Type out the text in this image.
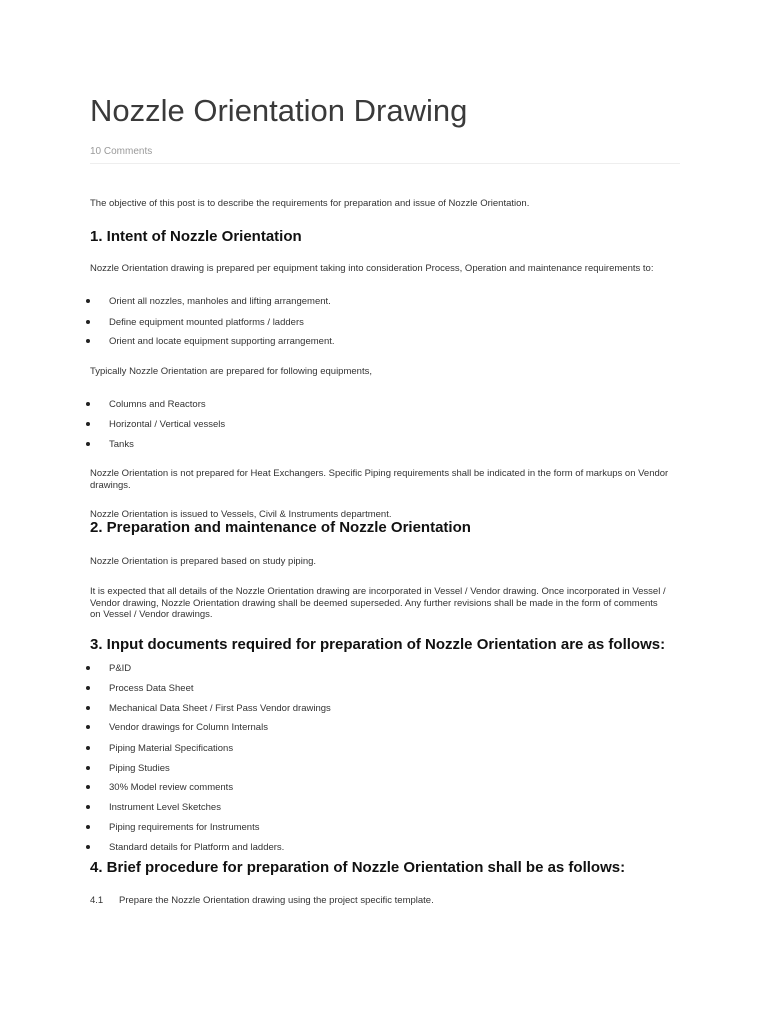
Nozzle Orientation Drawing
10 Comments

The objective of this post is to describe the requirements for preparation and issue of Nozzle Orientation.

1. Intent of Nozzle Orientation

Nozzle Orientation drawing is prepared per equipment taking into consideration Process, Operation and maintenance requirements to:

Orient all nozzles, manholes and lifting arrangement.
Define equipment mounted platforms / ladders
Orient and locate equipment supporting arrangement.

Typically Nozzle Orientation are prepared for following equipments,

Columns and Reactors
Horizontal / Vertical vessels
Tanks

Nozzle Orientation is not prepared for Heat Exchangers. Specific Piping requirements shall be indicated in the form of markups on Vendor drawings.

Nozzle Orientation is issued to Vessels, Civil & Instruments department.

2. Preparation and maintenance of Nozzle Orientation

Nozzle Orientation is prepared based on study piping.

It is expected that all details of the Nozzle Orientation drawing are incorporated in Vessel / Vendor drawing. Once incorporated in Vessel / Vendor drawing, Nozzle Orientation drawing shall be deemed superseded. Any further revisions shall be made in the form of comments on Vessel / Vendor drawings.

3. Input documents required for preparation of Nozzle Orientation are as follows:
P&ID
Process Data Sheet
Mechanical Data Sheet / First Pass Vendor drawings
Vendor drawings for Column Internals
Piping Material Specifications
Piping Studies
30% Model review comments
Instrument Level Sketches
Piping requirements for Instruments
Standard details for Platform and ladders.
4. Brief procedure for preparation of Nozzle Orientation shall be as follows:
4.1 Prepare the Nozzle Orientation drawing using the project specific template.
